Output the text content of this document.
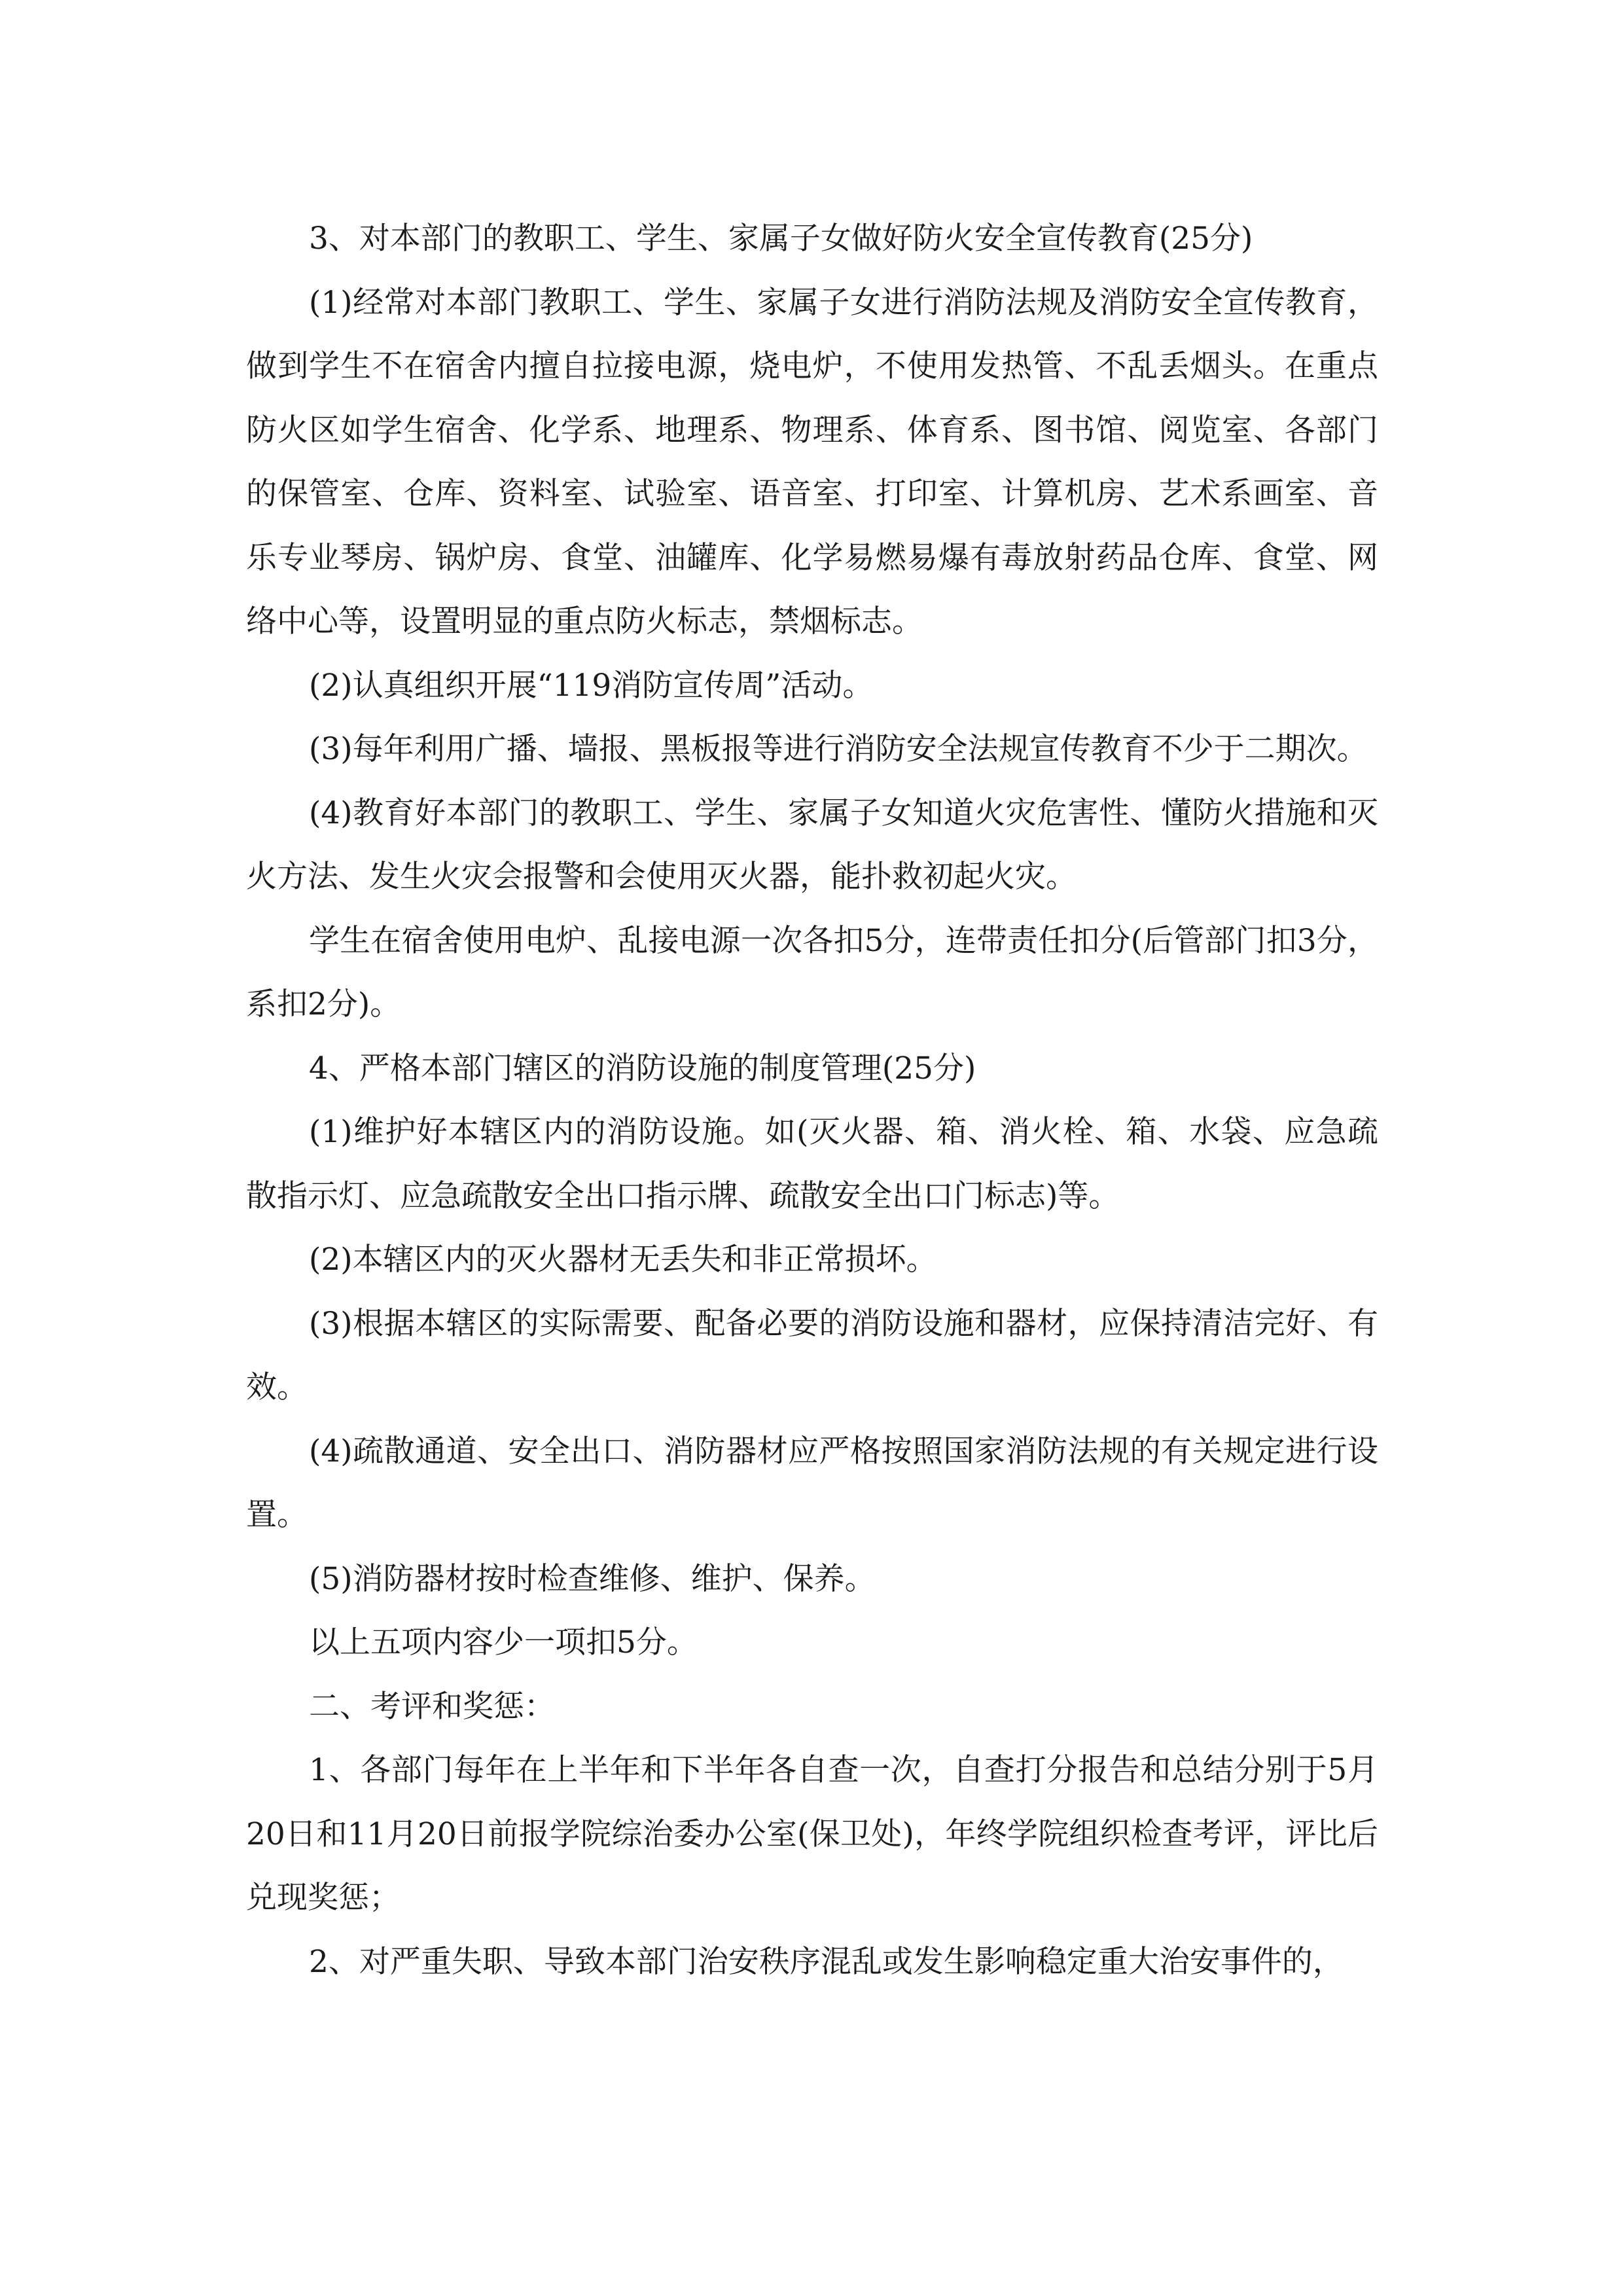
3、对本部门的教职工、学生、家属子女做好防火安全宣传教育(25分)

(1)经常对本部门教职工、学生、家属子女进行消防法规及消防安全宣传教育，做到学生不在宿舍内擅自拉接电源，烧电炉，不使用发热管、不乱丢烟头。在重点防火区如学生宿舍、化学系、地理系、物理系、体育系、图书馆、阅览室、各部门的保管室、仓库、资料室、试验室、语音室、打印室、计算机房、艺术系画室、音乐专业琴房、锅炉房、食堂、油罐库、化学易燃易爆有毒放射药品仓库、食堂、网络中心等，设置明显的重点防火标志，禁烟标志。

(2)认真组织开展“119消防宣传周”活动。

(3)每年利用广播、墙报、黑板报等进行消防安全法规宣传教育不少于二期次。

(4)教育好本部门的教职工、学生、家属子女知道火灾危害性、懂防火措施和灭火方法、发生火灾会报警和会使用灭火器，能扑救初起火灾。

学生在宿舍使用电炉、乱接电源一次各扣5分，连带责任扣分(后管部门扣3分，系扣2分)。

4、严格本部门辖区的消防设施的制度管理(25分)

(1)维护好本辖区内的消防设施。如(灭火器、箱、消火栓、箱、水袋、应急疏散指示灯、应急疏散安全出口指示牌、疏散安全出口门标志)等。

(2)本辖区内的灭火器材无丢失和非正常损坏。

(3)根据本辖区的实际需要、配备必要的消防设施和器材，应保持清洁完好、有效。

(4)疏散通道、安全出口、消防器材应严格按照国家消防法规的有关规定进行设置。

(5)消防器材按时检查维修、维护、保养。

以上五项内容少一项扣5分。

二、考评和奖惩：

1、各部门每年在上半年和下半年各自查一次，自查打分报告和总结分别于5月20日和11月20日前报学院综治委办公室(保卫处)，年终学院组织检查考评，评比后兑现奖惩；

2、对严重失职、导致本部门治安秩序混乱或发生影响稳定重大治安事件的，
